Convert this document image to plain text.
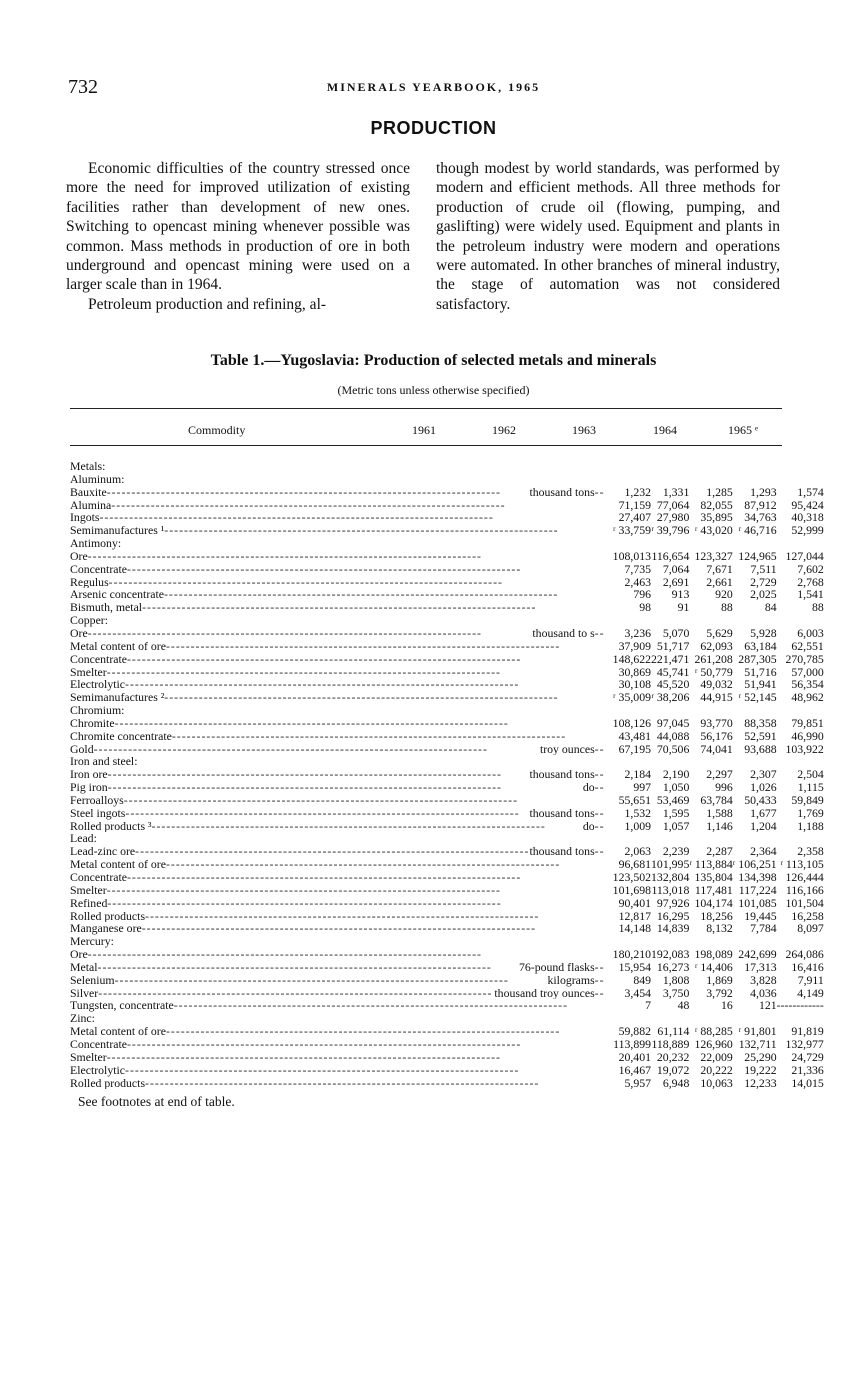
732	MINERALS YEARBOOK, 1965
PRODUCTION

Economic difficulties of the country stressed once more the need for improved utilization of existing facilities rather than development of new ones. Switching to opencast mining whenever possible was common. Mass methods in production of ore in both underground and opencast mining were used on a larger scale than in 1964.

Petroleum production and refining, al-

though modest by world standards, was performed by modern and efficient methods. All three methods for production of crude oil (flowing, pumping, and gaslifting) were widely used. Equipment and plants in the petroleum industry were modern and operations were automated. In other branches of mineral industry, the stage of automation was not considered satisfactory.

Table 1.—Yugoslavia: Production of selected metals and minerals
(Metric tons unless otherwise specified)
Commodity	1961	1962	1963	1964	1965 ᵉ
Metals:					

Aluminum:					

Bauxite -------------------------------------------------------------------------------- thousand tons --	1,232	1,331	1,285	1,293	1,574

Alumina --------------------------------------------------------------------------------	71,159	77,064	82,055	87,912	95,424

Ingots --------------------------------------------------------------------------------	27,407	27,980	35,895	34,763	40,318

Semimanufactures ¹ --------------------------------------------------------------------------------	ʳ 33,759	ʳ 39,796	ʳ 43,020	ʳ 46,716	52,999

Antimony:					

Ore --------------------------------------------------------------------------------	108,013	116,654	123,327	124,965	127,044

Concentrate --------------------------------------------------------------------------------	7,735	7,064	7,671	7,511	7,602

Regulus --------------------------------------------------------------------------------	2,463	2,691	2,661	2,729	2,768

Arsenic concentrate --------------------------------------------------------------------------------	796	913	920	2,025	1,541

Bismuth, metal --------------------------------------------------------------------------------	98	91	88	84	88

Copper:					

Ore -------------------------------------------------------------------------------- thousand to s --	3,236	5,070	5,629	5,928	6,003

Metal content of ore --------------------------------------------------------------------------------	37,909	51,717	62,093	63,184	62,551

Concentrate --------------------------------------------------------------------------------	148,622	221,471	261,208	287,305	270,785

Smelter --------------------------------------------------------------------------------	30,869	45,741	ʳ 50,779	51,716	57,000

Electrolytic --------------------------------------------------------------------------------	30,108	45,520	49,032	51,941	56,354

Semimanufactures ² --------------------------------------------------------------------------------	ʳ 35,009	ʳ 38,206	44,915	ʳ 52,145	48,962

Chromium:					

Chromite --------------------------------------------------------------------------------	108,126	97,045	93,770	88,358	79,851

Chromite concentrate --------------------------------------------------------------------------------	43,481	44,088	56,176	52,591	46,990

Gold -------------------------------------------------------------------------------- troy ounces --	67,195	70,506	74,041	93,688	103,922

Iron and steel:					

Iron ore -------------------------------------------------------------------------------- thousand tons --	2,184	2,190	2,297	2,307	2,504

Pig iron -------------------------------------------------------------------------------- do --	997	1,050	996	1,026	1,115

Ferroalloys --------------------------------------------------------------------------------	55,651	53,469	63,784	50,433	59,849

Steel ingots -------------------------------------------------------------------------------- thousand tons --	1,532	1,595	1,588	1,677	1,769

Rolled products ³ -------------------------------------------------------------------------------- do --	1,009	1,057	1,146	1,204	1,188

Lead:					

Lead-zinc ore -------------------------------------------------------------------------------- thousand tons --	2,063	2,239	2,287	2,364	2,358

Metal content of ore --------------------------------------------------------------------------------	96,681	101,995	ʳ 113,884	ʳ 106,251	ʳ 113,105

Concentrate --------------------------------------------------------------------------------	123,502	132,804	135,804	134,398	126,444

Smelter --------------------------------------------------------------------------------	101,698	113,018	117,481	117,224	116,166

Refined --------------------------------------------------------------------------------	90,401	97,926	104,174	101,085	101,504

Rolled products --------------------------------------------------------------------------------	12,817	16,295	18,256	19,445	16,258

Manganese ore --------------------------------------------------------------------------------	14,148	14,839	8,132	7,784	8,097

Mercury:					

Ore --------------------------------------------------------------------------------	180,210	192,083	198,089	242,699	264,086

Metal -------------------------------------------------------------------------------- 76-pound flasks --	15,954	16,273	ʳ 14,406	17,313	16,416

Selenium -------------------------------------------------------------------------------- kilograms --	849	1,808	1,869	3,828	7,911

Silver -------------------------------------------------------------------------------- thousand troy ounces --	3,454	3,750	3,792	4,036	4,149

Tungsten, concentrate --------------------------------------------------------------------------------	7	48	16	121	------------

Zinc:					

Metal content of ore --------------------------------------------------------------------------------	59,882	61,114	ʳ 88,285	ʳ 91,801	91,819

Concentrate --------------------------------------------------------------------------------	113,899	118,889	126,960	132,711	132,977

Smelter --------------------------------------------------------------------------------	20,401	20,232	22,009	25,290	24,729

Electrolytic --------------------------------------------------------------------------------	16,467	19,072	20,222	19,222	21,336

Rolled products --------------------------------------------------------------------------------	5,957	6,948	10,063	12,233	14,015
See footnotes at end of table.
